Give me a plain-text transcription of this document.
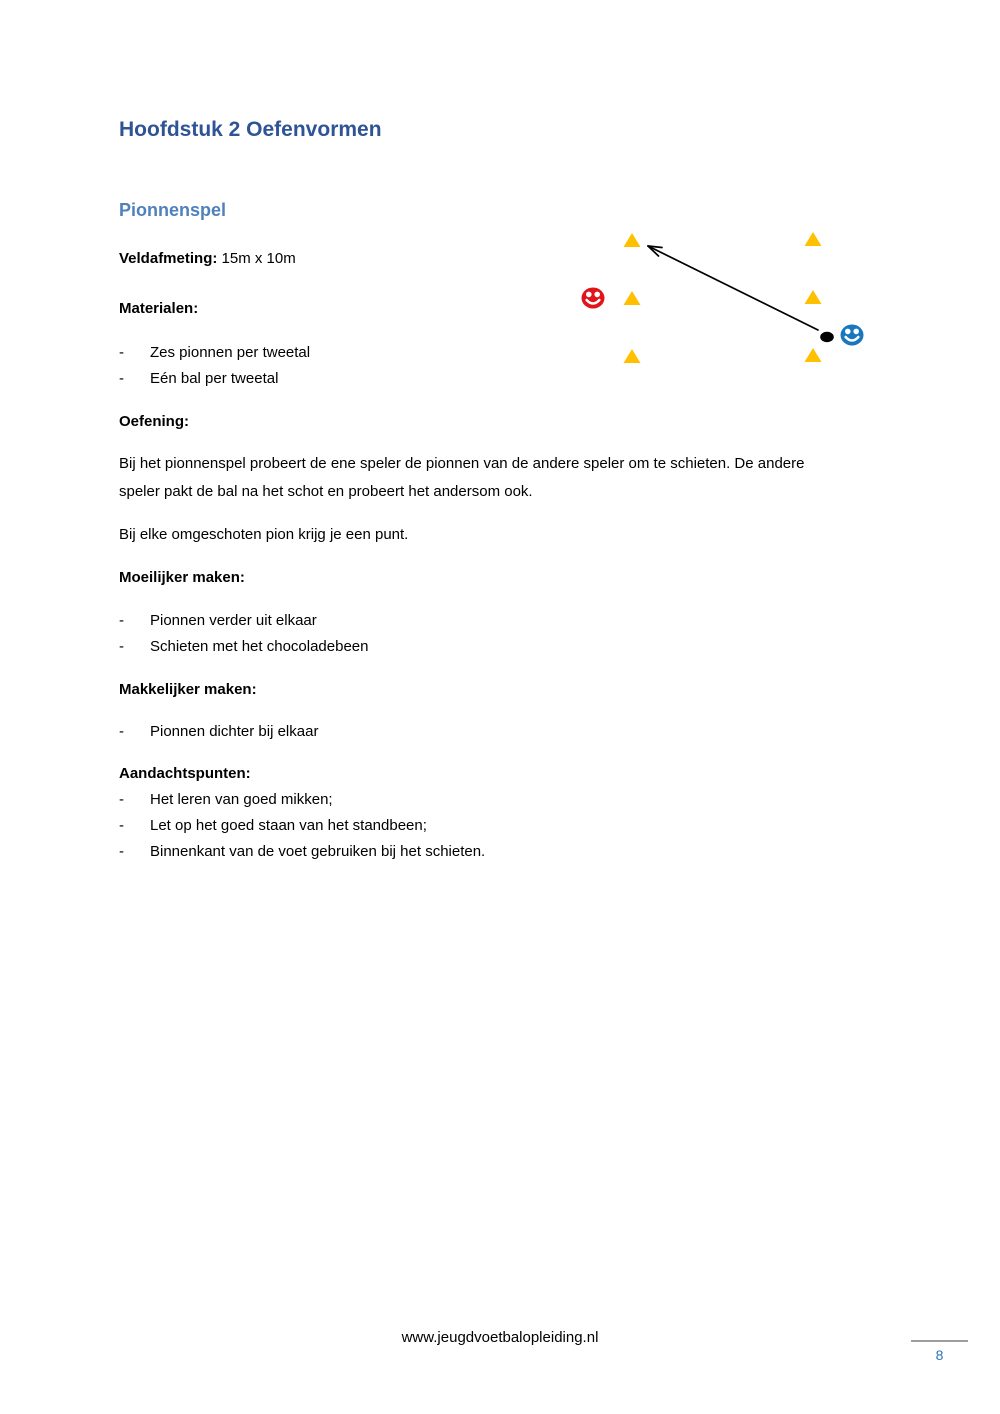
Hoofdstuk 2 Oefenvormen
Pionnenspel
Veldafmeting: 15m x 10m
Materialen:
-	Zes pionnen per tweetal
-	Eén bal per tweetal
Oefening:

Bij het pionnenspel probeert de ene speler de pionnen van de andere speler om te schieten. De andere speler pakt de bal na het schot en probeert het andersom ook.

Bij elke omgeschoten pion krijg je een punt.

Moeilijker maken:
-	Pionnen verder uit elkaar
-	Schieten met het chocoladebeen
Makkelijker maken:
-	Pionnen dichter bij elkaar
Aandachtspunten:
-	Het leren van goed mikken;
-	Let op het goed staan van het standbeen;
-	Binnenkant van de voet gebruiken bij het schieten.
www.jeugdvoetbalopleiding.nl
8
